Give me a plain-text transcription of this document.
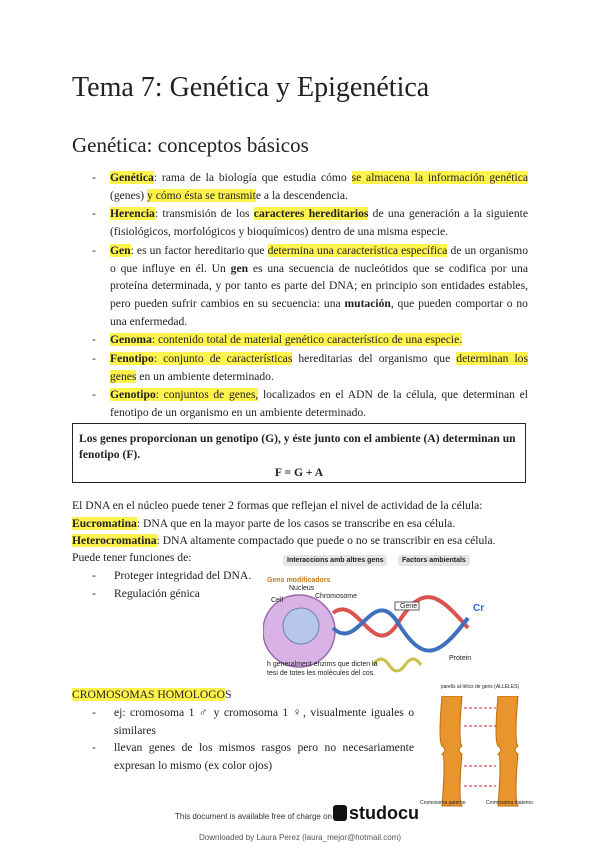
Tema 7: Genética y Epigenética
Genética: conceptos básicos
- Genética: rama de la biología que estudia cómo se almacena la información genética (genes) y cómo ésta se transmite a la descendencia.
- Herencia: transmisión de los caracteres hereditarios de una generación a la siguiente (fisiológicos, morfológicos y bioquímicos) dentro de una misma especie.
- Gen: es un factor hereditario que determina una característica específica de un organismo o que influye en él. Un gen es una secuencia de nucleótidos que se codifica por una proteína determinada, y por tanto es parte del DNA; en principio son entidades estables, pero pueden sufrir cambios en su secuencia: una mutación, que pueden comportar o no una enfermedad.
- Genoma: contenido total de material genético característico de una especie.
- Fenotipo: conjunto de características hereditarias del organismo que determinan los genes en un ambiente determinado.
- Genotipo: conjuntos de genes, localizados en el ADN de la célula, que determinan el fenotipo de un organismo en un ambiente determinado.
Los genes proporcionan un genotipo (G), y éste junto con el ambiente (A) determinan un fenotipo (F).
F = G + A
El DNA en el núcleo puede tener 2 formas que reflejan el nivel de actividad de la célula:
Eucromatina: DNA que en la mayor parte de los casos se transcribe en esa célula.
Heterocromatina: DNA altamente compactado que puede o no se transcribir en esa célula.
Puede tener funciones de:
- Proteger integridad del DNA.
- Regulación génica
Interaccions amb altres gens	Factors ambientals
Gens modificadors
Cell
Nucleus
Chromosome
Gene
Protein
h generalment enzims que dicten la
tesi de totes les molècules del cos.
Cr
CROMOSOMAS HOMOLOGOS
- ej: cromosoma 1 ♂ y cromosoma 1 ♀, visualmente iguales o similares
- llevan genes de los mismos rasgos pero no necesariamente expresan lo mismo (ex color ojos)
parells al·lèlics de gens (ALLELES)
Cromosoma paterno	Cromosoma materno
This document is available free of charge on studocu
Downloaded by Laura Perez (laura_mejor@hotmail.com)
